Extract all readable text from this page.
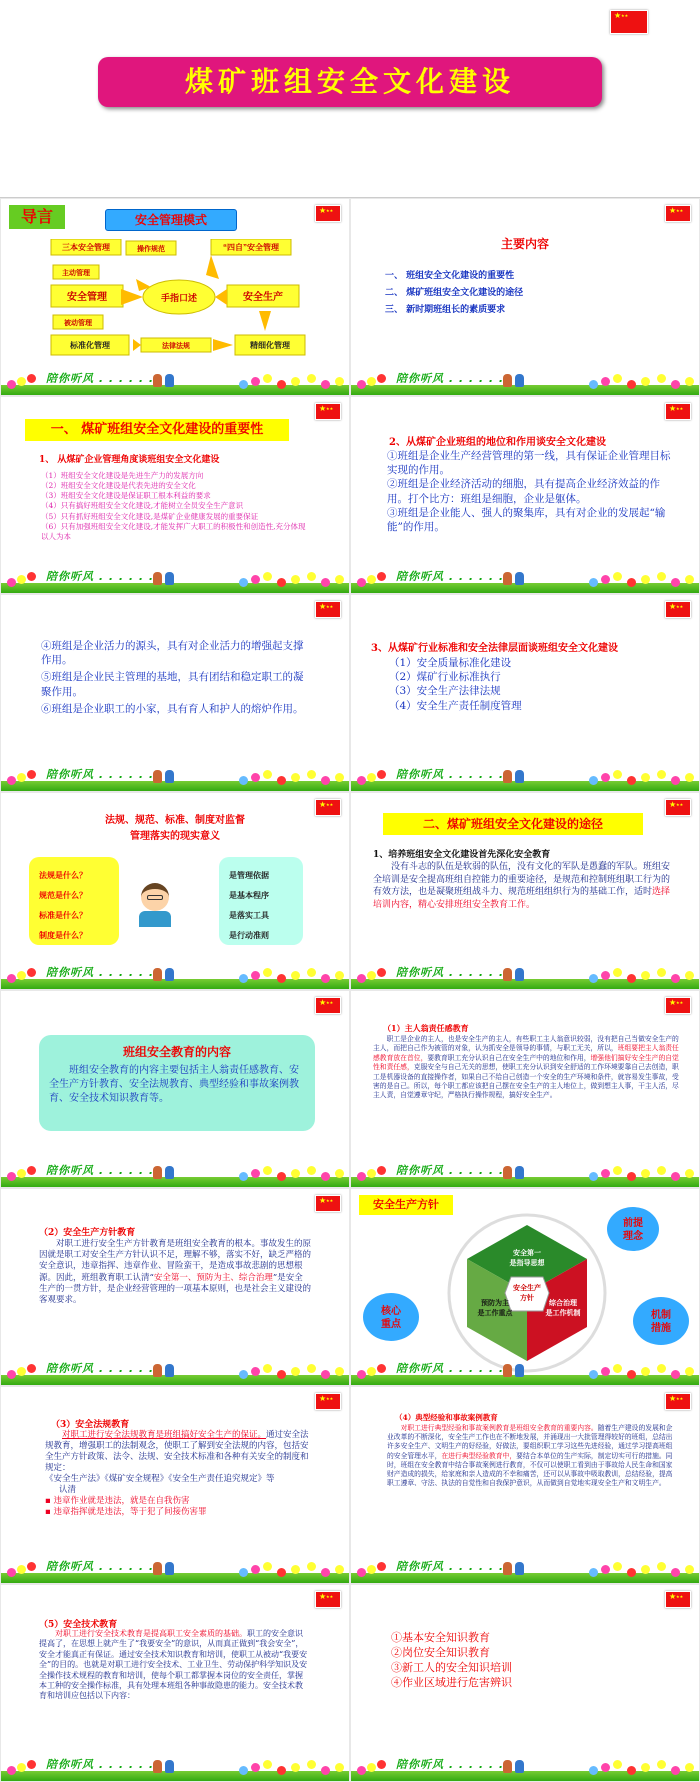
★ ★★
煤矿班组安全文化建设
★ ★★
导言	安全管理模式
三本安全管理	操作规范	“四自”安全管理
主动管理
安全管理	手指口述	安全生产
被动管理
标准化管理	法律法规	精细化管理
陪你听风 . . . . . .
★ ★★
主要内容
一、 班组安全文化建设的重要性
二、 煤矿班组安全文化建设的途径
三、 新时期班组长的素质要求
陪你听风 . . . . . .
★ ★★
一、 煤矿班组安全文化建设的重要性
1、 从煤矿企业管理角度谈班组安全文化建设

（1）班组安全文化建设是先进生产力的发展方向

（2）班组安全文化建设是代表先进的安全文化

（3）班组安全文化建设是保证职工根本利益的要求

（4）只有搞好班组安全文化建设,才能树立全员安全生产意识

（5）只有抓好班组安全文化建设,是煤矿企业健康发展的重要保证

（6）只有加强班组安全文化建设,才能发挥广大职工的积极性和创造性,充分体现以人为本

陪你听风 . . . . . .
★ ★★
2、从煤矿企业班组的地位和作用谈安全文化建设

①班组是企业生产经营管理的第一线，具有保证企业管理目标实现的作用。

②班组是企业经济活动的细胞，具有提高企业经济效益的作用。打个比方：班组是细胞，企业是躯体。

③班组是企业能人、强人的聚集库，具有对企业的发展起“输能”的作用。

陪你听风 . . . . . .
★ ★★

④班组是企业活力的源头，具有对企业活力的增强起支撑作用。

⑤班组是企业民主管理的基地，具有团结和稳定职工的凝聚作用。

⑥班组是企业职工的小家，具有育人和护人的熔炉作用。

陪你听风 . . . . . .
★ ★★
3、从煤矿行业标准和安全法律层面谈班组安全文化建设

（1）安全质量标准化建设

（2）煤矿行业标准执行

（3）安全生产法律法规

（4）安全生产责任制度管理

陪你听风 . . . . . .
★ ★★
法规、规范、标准、制度对监督
管理落实的现实意义
法规是什么？
规范是什么？
标准是什么？
制度是什么？
是管理依据
是基本程序
是落实工具
是行动准则
陪你听风 . . . . . .
★ ★★
二、煤矿班组安全文化建设的途径
1、培养班组安全文化建设首先深化安全教育
没有斗志的队伍是软弱的队伍，没有文化的军队是愚蠢的军队。班组安全培训是安全提高班组自控能力的重要途径，是规范和控制班组职工行为的有效方法，也是凝聚班组战斗力、规范班组组织行为的基础工作，适时选择培训内容，精心安排班组安全教育工作。
陪你听风 . . . . . .
★ ★★
班组安全教育的内容
班组安全教育的内容主要包括主人翁责任感教育、安全生产方针教育、安全法规教育、典型经验和事故案例教育、安全技术知识教育等。
陪你听风 . . . . . .
★ ★★
（1）主人翁责任感教育
职工是企业的主人，也是安全生产的主人，有些职工主人翁意识较弱，没有把自己当做安全生产的主人，而把自己作为被管的对象，认为抓安全是领导的事情，与职工无关，所以，班组要把主人翁责任感教育放在首位，要教育职工充分认识自己在安全生产中的地位和作用，增强他们搞好安全生产的自觉性和责任感，克服安全与自己无关的思想，使职工充分认识到安全舒适的工作环境要靠自己去创造，职工是机器设备的直接操作者，如果自己不给自己创造一个安全的生产环境和条件，就容易发生事故，受害的是自己。所以，每个职工都应该把自己摆在安全生产的主人地位上，做到想主人事，干主人活，尽主人责，自觉遵章守纪，严格执行操作规程，搞好安全生产。
陪你听风 . . . . . .
★ ★★
（2）安全生产方针教育
对职工进行安全生产方针教育是班组安全教育的根本。事故发生的原因就是职工对安全生产方针认识不足，理解不够，落实不好，缺乏严格的安全意识，违章指挥、违章作业、冒险蛮干，是造成事故悲剧的思想根源。因此，班组教育职工认清“安全第一、预防为主、综合治理”是安全生产的一贯方针，是企业经营管理的一项基本原则，也是社会主义建设的客观要求。
陪你听风 . . . . . .
安全生产方针
安全生产
方针
安全第一
是指导思想
综合治理
是工作机制
预防为主
是工作重点
前提
理念
核心
重点
机制
措施
陪你听风 . . . . . .
★ ★★
（3）安全法规教育

对职工进行安全法规教育是班组搞好安全生产的保证。通过安全法规教育，增强职工的法制观念，使职工了解到安全法规的内容，包括安全生产方针政策、法令、法规、安全技术标准和各种有关安全的制度和规定：

《安全生产法》《煤矿安全规程》《安全生产责任追究规定》等

认清

▪ 违章作业就是违法，就是在自我伤害

▪ 违章指挥就是违法，等于犯了间接伤害罪

陪你听风 . . . . . .
★ ★★
（4）典型经验和事故案例教育
对职工进行典型经验和事故案例教育是班组安全教育的重要内容。随着生产建设的发展和企业改革的不断深化，安全生产工作也在不断地发展，并涌现出一大批管理得较好的班组，总结出许多安全生产、文明生产的好经验，好做法，要组织职工学习这些先进经验，通过学习提高班组的安全管理水平，在进行典型经验教育中，要结合本单位的生产实际，制定切实可行的措施。同时，班组在安全教育中结合事故案例进行教育，不仅可以使职工看到由于事故给人民生命和国家财产造成的损失，给家庭和亲人造成的不幸和痛苦，还可以从事故中吸取教训，总结经验，提高职工遵章、守法、执法的自觉性和自我保护意识，从而做到自觉地实现安全生产和文明生产。
陪你听风 . . . . . .
★ ★★
（5）安全技术教育
对职工进行安全技术教育是提高职工安全素质的基础。职工的安全意识提高了，在思想上就产生了“我要安全”的意识，从而真正做到“我会安全”，安全才能真正有保证。通过安全技术知识教育和培训，使职工从被动“我要安全”的目的。也就是对职工进行安全技术、工业卫生、劳动保护科学知识及安全操作技术规程的教育和培训，使每个职工都掌握本岗位的安全责任，掌握本工种的安全操作标准，具有处理本班组各种事故隐患的能力。安全技术教育和培训应包括以下内容：
陪你听风 . . . . . .
★ ★★

①基本安全知识教育

②岗位安全知识教育

③新工人的安全知识培训

④作业区域进行危害辨识

陪你听风 . . . . . .
